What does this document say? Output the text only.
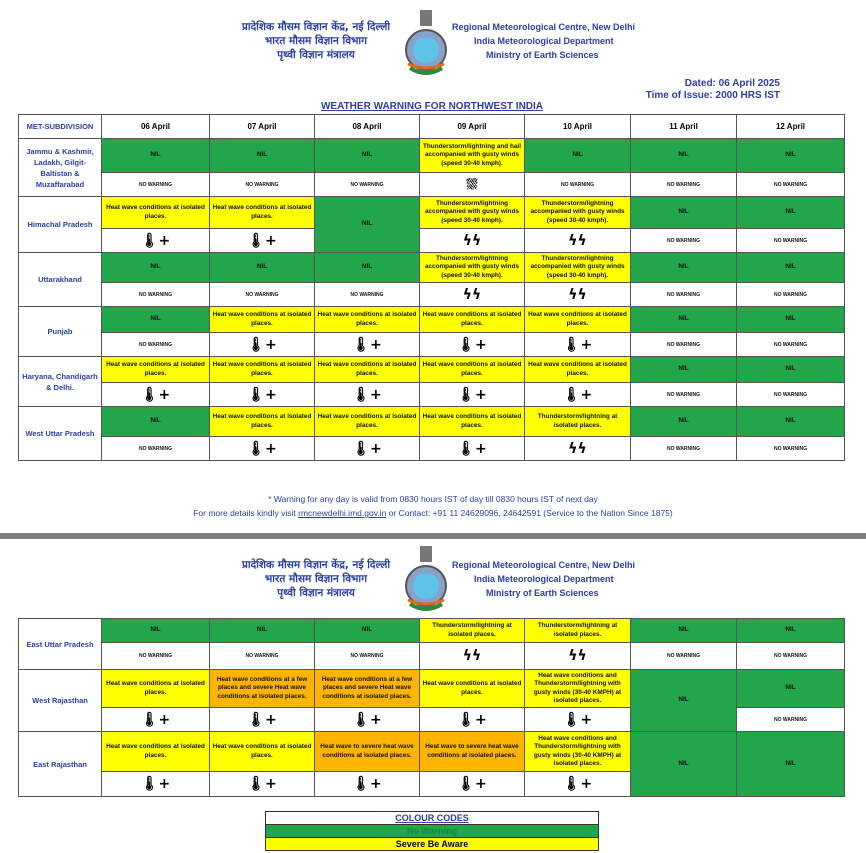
प्रादेशिक मौसम विज्ञान केंद्र, नई दिल्ली
भारत मौसम विज्ञान विभाग
पृथ्वी विज्ञान मंत्रालय
Regional Meteorological Centre, New Delhi
India Meteorological Department
Ministry of Earth Sciences
Dated: 06 April 2025
Time of Issue: 2000 HRS IST
WEATHER WARNING FOR NORTHWEST INDIA
MET-SUBDIVISION	06 April	07 April	08 April	09 April	10 April	11 April	12 April
Jammu & Kashmir, Ladakh, Gilgit-Baltistan & Muzaffarabad	NIL	NIL	NIL	Thunderstorm/lightning and hail accompanied with gusty winds (speed 30-40 kmph).	NIL	NIL	NIL
	NO WARNING	NO WARNING	NO WARNING	⛆	NO WARNING	NO WARNING	NO WARNING
Himachal Pradesh	Heat wave conditions at isolated places.	Heat wave conditions at isolated places.	NIL	Thunderstorm/lightning accompanied with gusty winds (speed 30-40 kmph).	Thunderstorm/lightning accompanied with gusty winds (speed 30-40 kmph).	NIL	NIL
	🌡+	🌡+		ϟϟ	ϟϟ	NO WARNING	NO WARNING
Uttarakhand	NIL	NIL	NIL	Thunderstorm/lightning accompanied with gusty winds (speed 30-40 kmph).	Thunderstorm/lightning accompanied with gusty winds (speed 30-40 kmph).	NIL	NIL
	NO WARNING	NO WARNING	NO WARNING	ϟϟ	ϟϟ	NO WARNING	NO WARNING
Punjab	NIL	Heat wave conditions at isolated places.	Heat wave conditions at isolated places.	Heat wave conditions at isolated places.	Heat wave conditions at isolated places.	NIL	NIL
	NO WARNING	🌡+	🌡+	🌡+	🌡+	NO WARNING	NO WARNING
Haryana, Chandigarh & Delhi.	Heat wave conditions at isolated places.	Heat wave conditions at isolated places.	Heat wave conditions at isolated places.	Heat wave conditions at isolated places.	Heat wave conditions at isolated places.	NIL	NIL
	🌡+	🌡+	🌡+	🌡+	🌡+	NO WARNING	NO WARNING
West Uttar Pradesh	NIL	Heat wave conditions at isolated places.	Heat wave conditions at isolated places.	Heat wave conditions at isolated places.	Thunderstorm/lightning at isolated places.	NIL	NIL
	NO WARNING	🌡+	🌡+	🌡+	ϟϟ	NO WARNING	NO WARNING
* Warning for any day is valid from 0830 hours IST of day till 0830 hours IST of next day
For more details kindly visit rmcnewdelhi.imd.gov.in or Contact: +91 11 24629096, 24642591 (Service to the Nation Since 1875)
प्रादेशिक मौसम विज्ञान केंद्र, नई दिल्ली
भारत मौसम विज्ञान विभाग
पृथ्वी विज्ञान मंत्रालय
Regional Meteorological Centre, New Delhi
India Meteorological Department
Ministry of Earth Sciences
East Uttar Pradesh	NIL	NIL	NIL	Thunderstorm/lightning at isolated places.	Thunderstorm/lightning at isolated places.	NIL	NIL
	NO WARNING	NO WARNING	NO WARNING	ϟϟ	ϟϟ	NO WARNING	NO WARNING
West Rajasthan	Heat wave conditions at isolated places.	Heat wave conditions at a few places and severe Heat wave conditions at isolated places.	Heat wave conditions at a few places and severe Heat wave conditions at isolated places.	Heat wave conditions at isolated places.	Heat wave conditions and Thunderstorm/lightning with gusty winds (30-40 KMPH) at isolated places.	NIL	NIL
	🌡+	🌡+	🌡+	🌡+	🌡+		NO WARNING
East Rajasthan	Heat wave conditions at isolated places.	Heat wave conditions at isolated places.	Heat wave to severe heat wave conditions at isolated places.	Heat wave to severe heat wave conditions at isolated places.	Heat wave conditions and Thunderstorm/lightning with gusty winds (30-40 KMPH) at isolated places.	NIL	NIL
	🌡+	🌡+	🌡+	🌡+	🌡+		
COLOUR CODES
No Warning
Severe Be Aware
